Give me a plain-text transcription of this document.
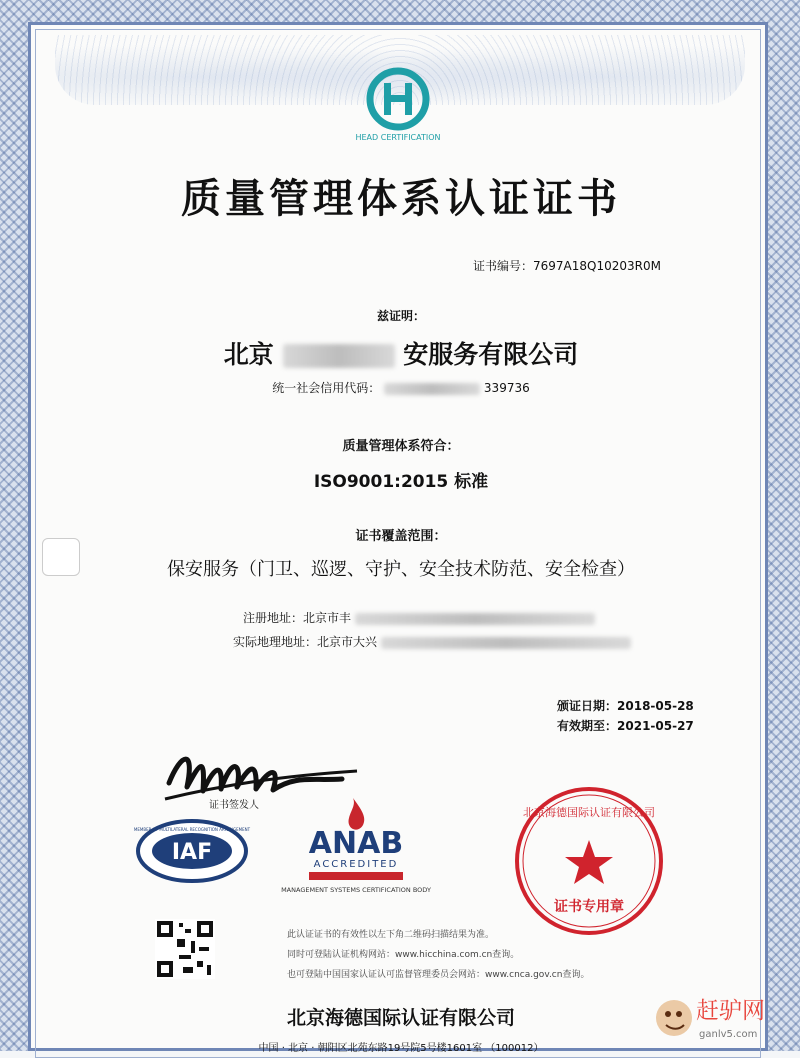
HEAD CERTIFICATION
质量管理体系认证证书
证书编号：7697A18Q10203R0M
兹证明：
北京	安服务有限公司
统一社会信用代码：	339736
质量管理体系符合：
ISO9001:2015 标准
证书覆盖范围：
保安服务（门卫、巡逻、守护、安全技术防范、安全检查）
注册地址：北京市丰
实际地理地址：北京市大兴
颁证日期：2018-05-28
有效期至：2021-05-27
证书签发人
IAF
MEMBER OF MULTILATERAL RECOGNITION ARRANGEMENT ANAB
ACCREDITED
MANAGEMENT SYSTEMS CERTIFICATION BODY
北京海德国际认证有限公司
证书专用章
此认证证书的有效性以左下角二维码扫描结果为准。
同时可登陆认证机构网站：www.hicchina.com.cn查询。
也可登陆中国国家认证认可监督管理委员会网站：www.cnca.gov.cn查询。
北京海德国际认证有限公司
中国 · 北京 · 朝阳区北苑东路19号院5号楼1601室 （100012）
赶驴网
ganlv5.com
